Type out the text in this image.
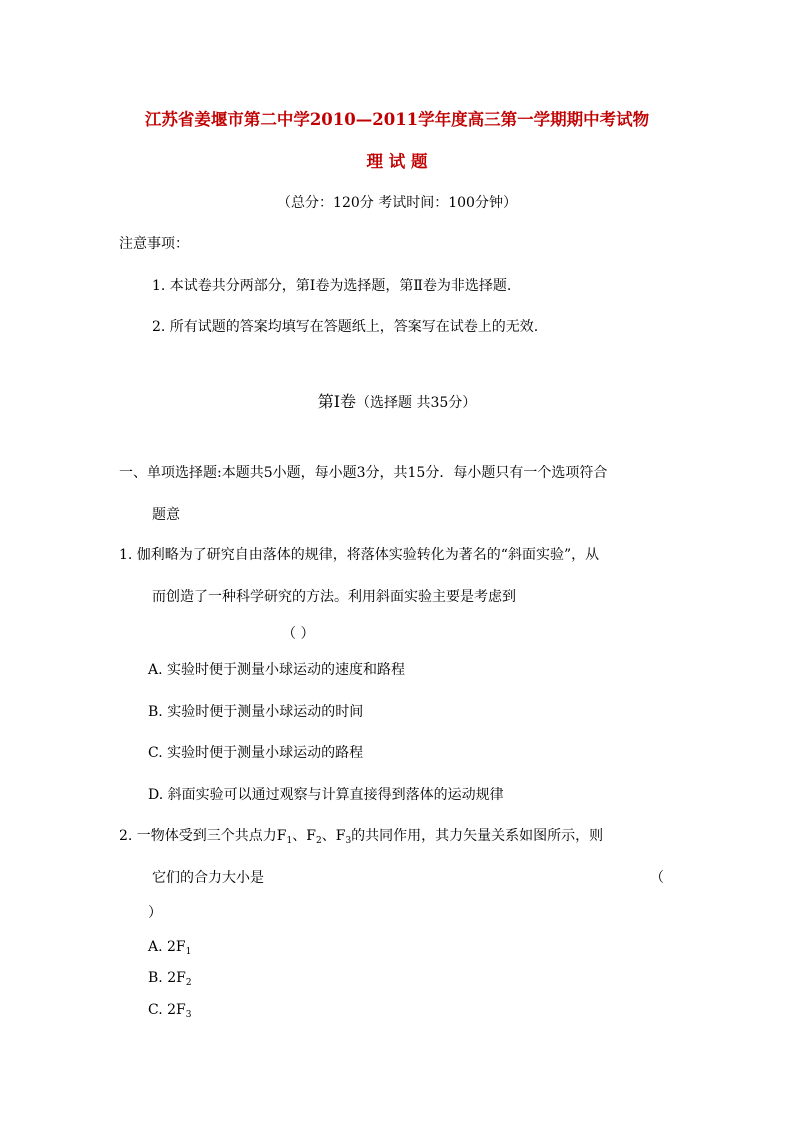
江苏省姜堰市第二中学2010—2011学年度高三第一学期期中考试物
理 试 题
（总分：120分 考试时间：100分钟）
注意事项：
1. 本试卷共分两部分，第Ⅰ卷为选择题，第Ⅱ卷为非选择题.
2. 所有试题的答案均填写在答题纸上，答案写在试卷上的无效.
第Ⅰ卷（选择题 共35分）
一、单项选择题:本题共5小题，每小题3分，共15分．每小题只有一个选项符合
题意
1. 伽利略为了研究自由落体的规律，将落体实验转化为著名的“斜面实验”，从
而创造了一种科学研究的方法。利用斜面实验主要是考虑到
（ ）
A. 实验时便于测量小球运动的速度和路程
B. 实验时便于测量小球运动的时间
C. 实验时便于测量小球运动的路程
D. 斜面实验可以通过观察与计算直接得到落体的运动规律
2. 一物体受到三个共点力$F_1$、$F_2$、$F_3$的共同作用，其力矢量关系如图所示，则
它们的合力大小是	（
）
A. $2F_1$
B. $2F_2$
C. $2F_3$
